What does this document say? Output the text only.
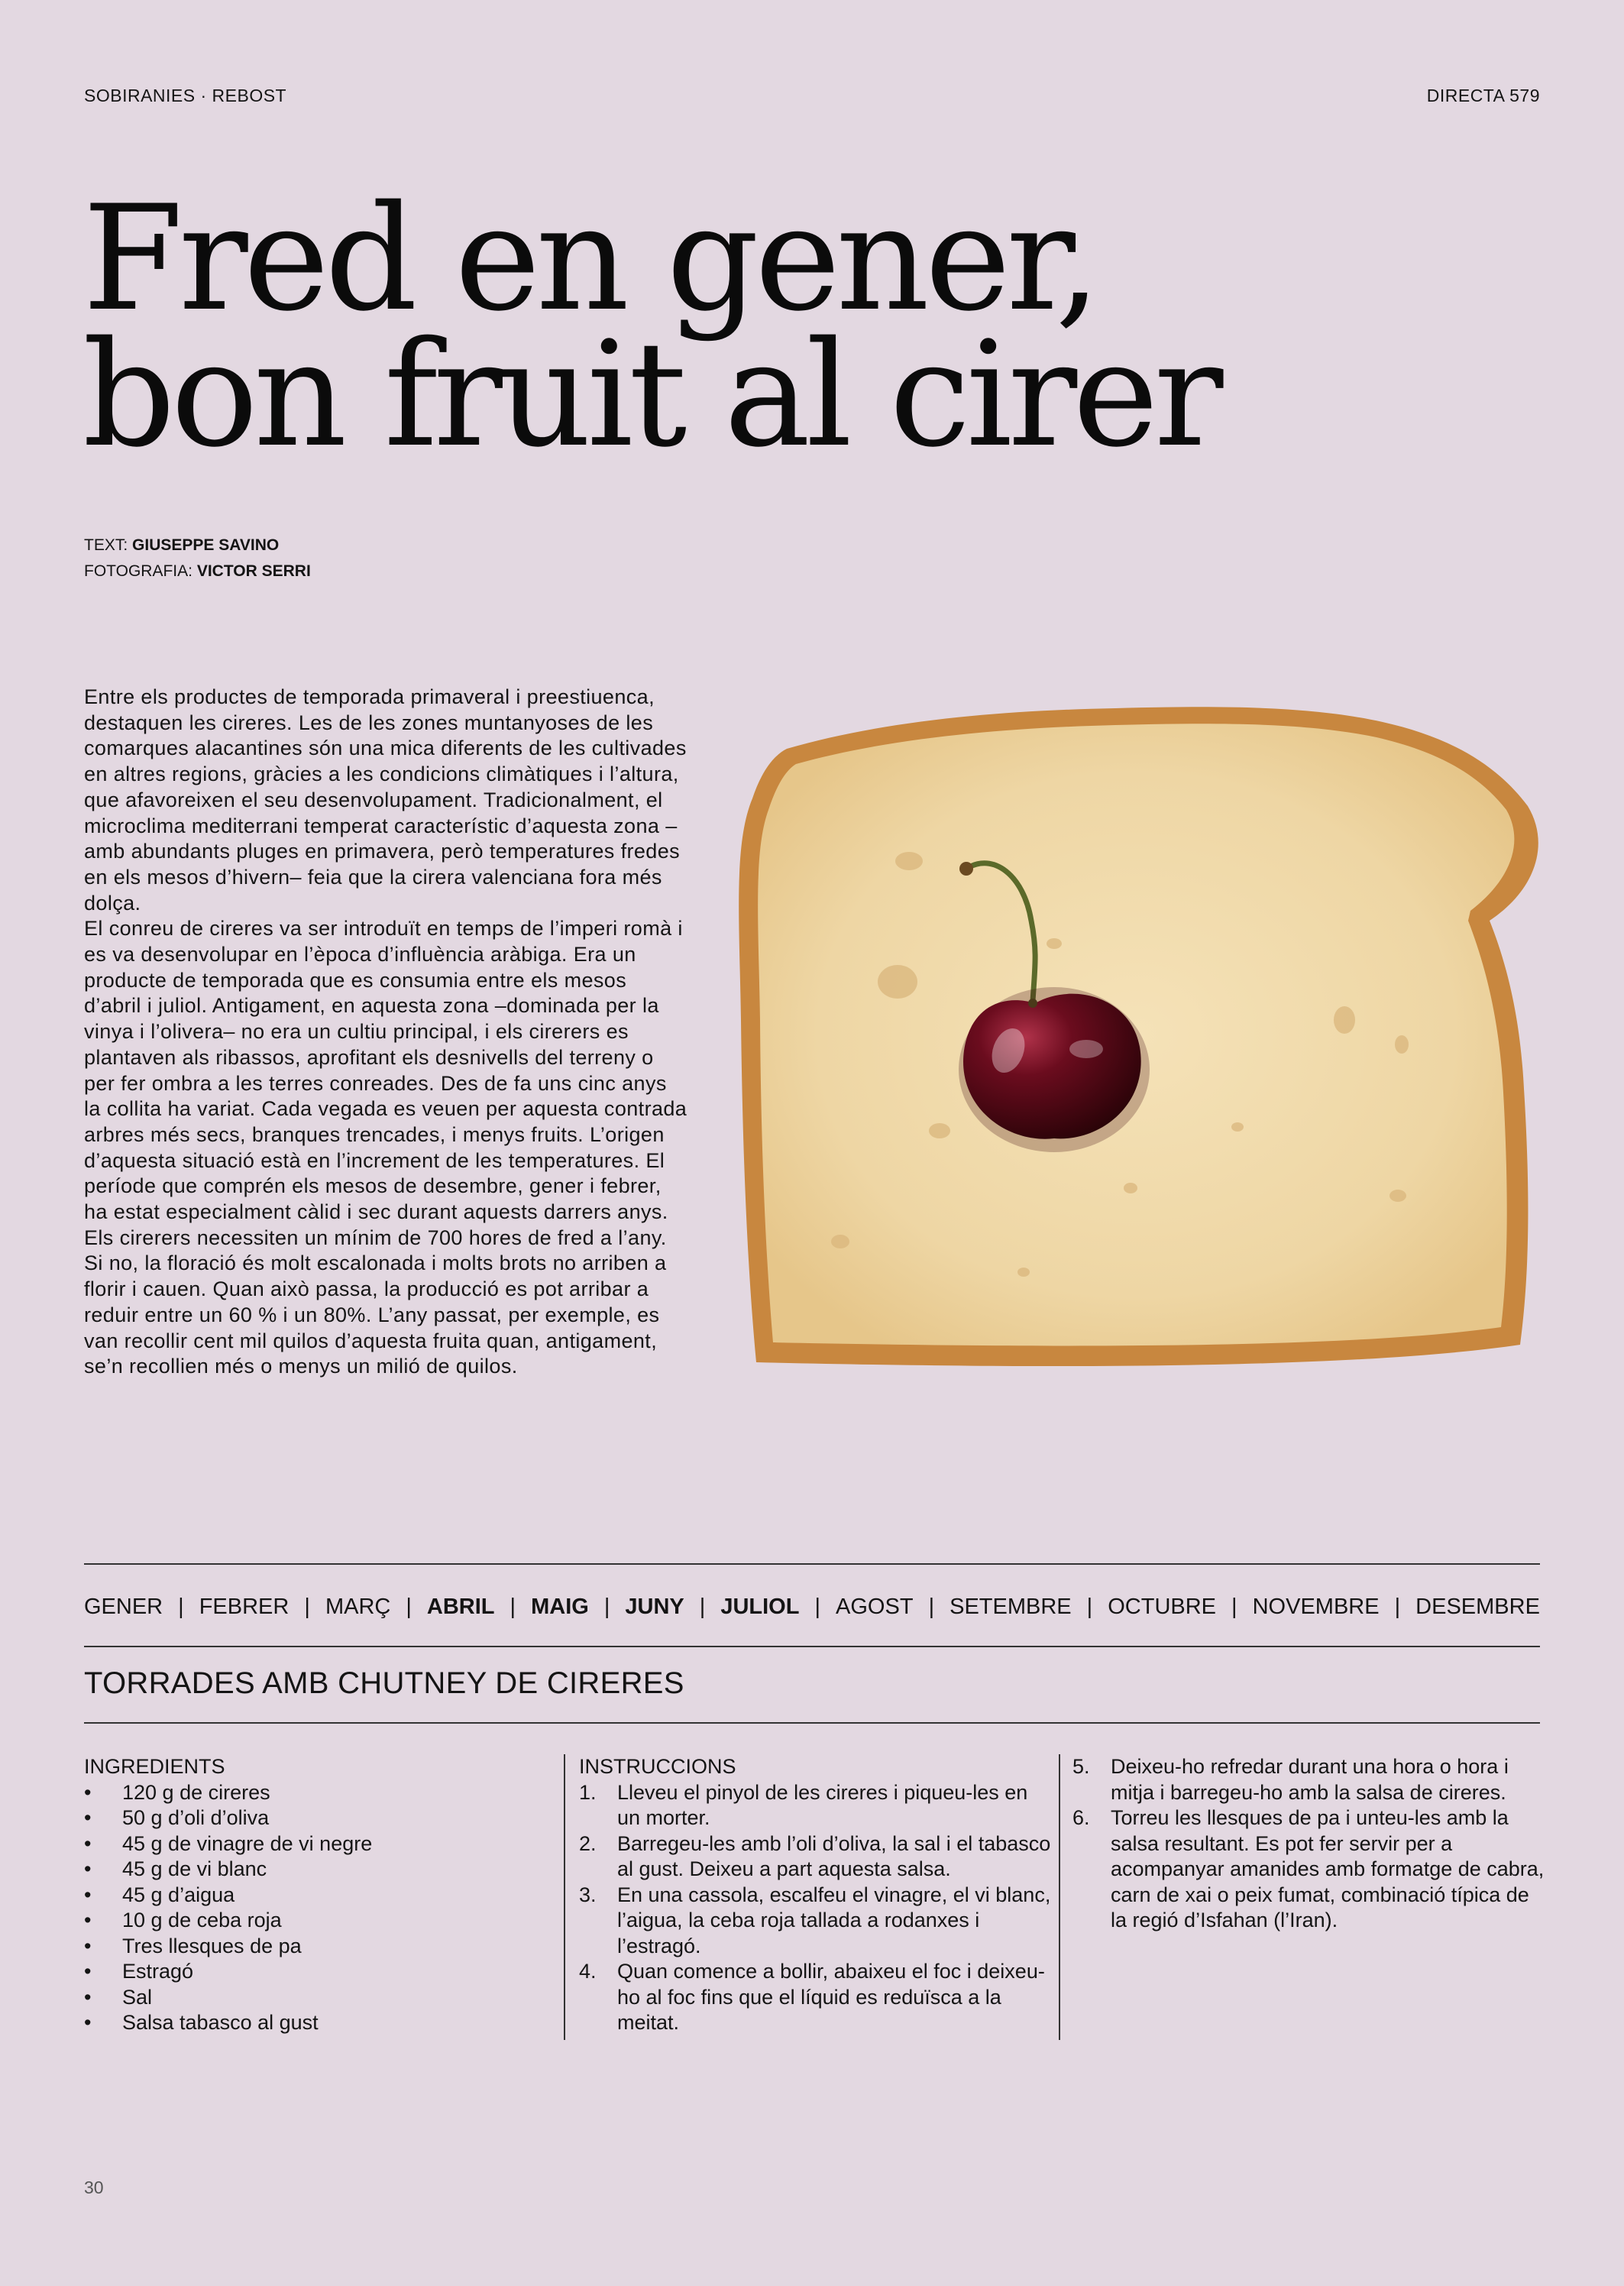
SOBIRANIES · REBOST	DIRECTA 579
Fred en gener,
bon fruit al cirer
TEXT: GIUSEPPE SAVINO
FOTOGRAFIA: VICTOR SERRI

Entre els productes de temporada primaveral i preestiuenca, destaquen les cireres. Les de les zones muntanyoses de les comarques alacantines són una mica diferents de les cultivades en altres regions, gràcies a les condicions climàtiques i l’altura, que afavoreixen el seu desenvolupament. Tradicionalment, el microclima mediterrani temperat característic d’aquesta zona –amb abundants pluges en primavera, però temperatures fredes en els mesos d’hivern– feia que la cirera valenciana fora més dolça.

El conreu de cireres va ser introduït en temps de l’imperi romà i es va desenvolupar en l’època d’influència aràbiga. Era un producte de temporada que es consumia entre els mesos d’abril i juliol. Antigament, en aquesta zona –dominada per la vinya i l’olivera– no era un cultiu principal, i els cirerers es plantaven als ribassos, aprofitant els desnivells del terreny o per fer ombra a les terres conreades. Des de fa uns cinc anys la collita ha variat. Cada vegada es veuen per aquesta contrada arbres més secs, branques trencades, i menys fruits. L’origen d’aquesta situació està en l’increment de les temperatures. El període que comprén els mesos de desembre, gener i febrer, ha estat especialment càlid i sec durant aquests darrers anys. Els cirerers necessiten un mínim de 700 hores de fred a l’any. Si no, la floració és molt escalonada i molts brots no arriben a florir i cauen. Quan això passa, la producció es pot arribar a reduir entre un 60 % i un 80%. L’any passat, per exemple, es van recollir cent mil quilos d’aquesta fruita quan, antigament, se’n recollien més o menys un milió de quilos.

GENER | FEBRER | MARÇ | ABRIL | MAIG | JUNY | JULIOL | AGOST | SETEMBRE | OCTUBRE | NOVEMBRE | DESEMBRE
TORRADES AMB CHUTNEY DE CIRERES
INGREDIENTS
• 120 g de cireres
• 50 g d’oli d’oliva
• 45 g de vinagre de vi negre
• 45 g de vi blanc
• 45 g d’aigua
• 10 g de ceba roja
• Tres llesques de pa
• Estragó
• Sal
• Salsa tabasco al gust
INSTRUCCIONS
1. Lleveu el pinyol de les cireres i piqueu-les en un morter.
2. Barregeu-les amb l’oli d’oliva, la sal i el tabasco al gust. Deixeu a part aquesta salsa.
3. En una cassola, escalfeu el vinagre, el vi blanc, l’aigua, la ceba roja tallada a rodanxes i l’estragó.
4. Quan comence a bollir, abaixeu el foc i deixeu-ho al foc fins que el líquid es reduïsca a la meitat.
5. Deixeu-ho refredar durant una hora o hora i mitja i barregeu-ho amb la salsa de cireres.
6. Torreu les llesques de pa i unteu-les amb la salsa resultant. Es pot fer servir per a acompanyar amanides amb formatge de cabra, carn de xai o peix fumat, combinació típica de la regió d’Isfahan (l’Iran).
30
